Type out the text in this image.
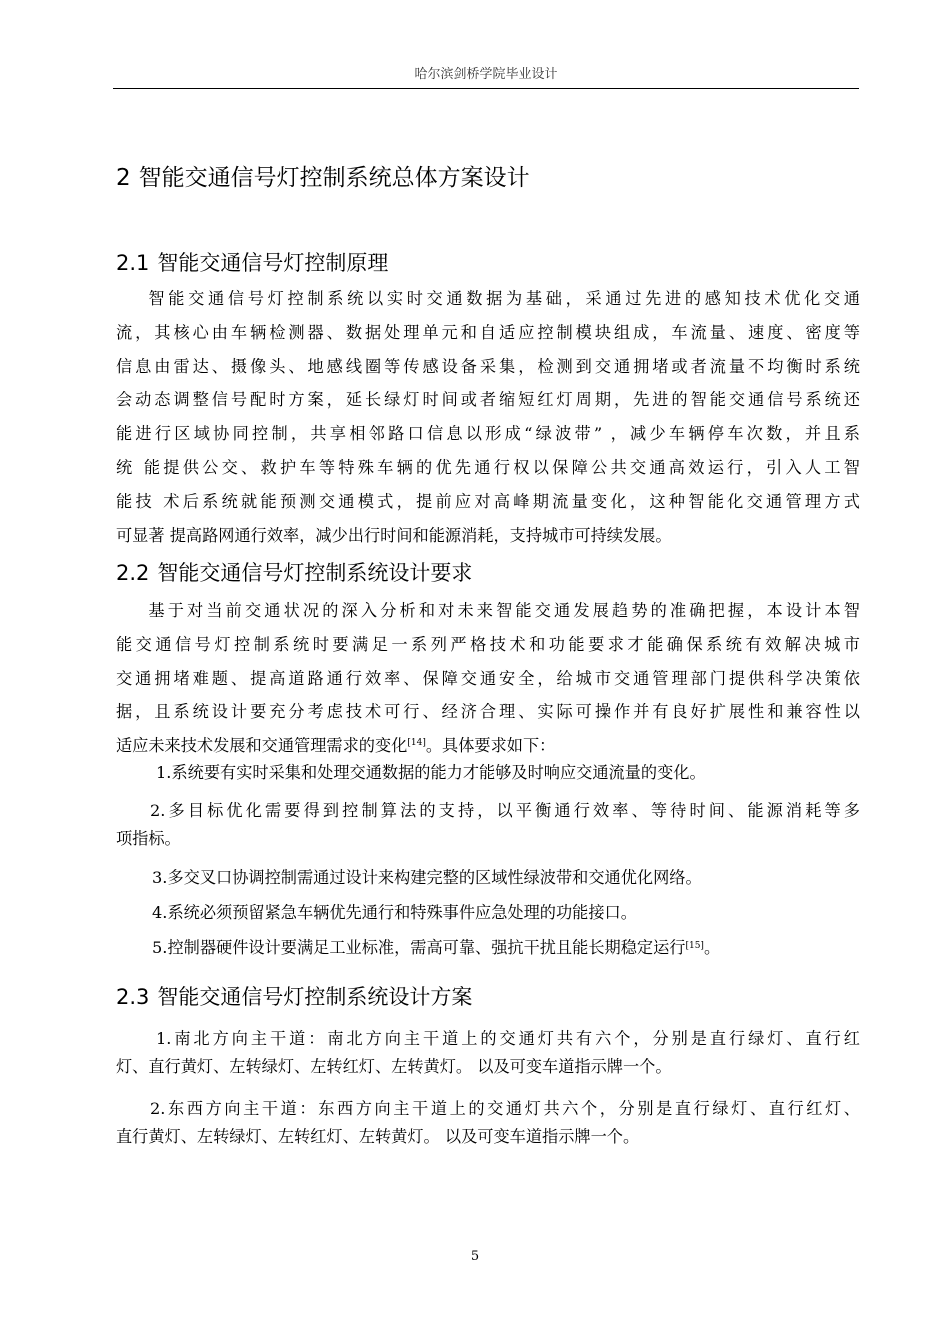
哈尔滨剑桥学院毕业设计
2 智能交通信号灯控制系统总体方案设计
2.1 智能交通信号灯控制原理
智能交通信号灯控制系统以实时交通数据为基础，采通过先进的感知技术优化交通
流，其核心由车辆检测器、数据处理单元和自适应控制模块组成，车流量、速度、密度等
信息由雷达、摄像头、地感线圈等传感设备采集，检测到交通拥堵或者流量不均衡时系统
会动态调整信号配时方案，延长绿灯时间或者缩短红灯周期，先进的智能交通信号系统还
能进行区域协同控制，共享相邻路口信息以形成“绿波带” ，减少车辆停车次数，并且系
统 能提供公交、救护车等特殊车辆的优先通行权以保障公共交通高效运行，引入人工智
能技 术后系统就能预测交通模式，提前应对高峰期流量变化，这种智能化交通管理方式
可显著 提高路网通行效率，减少出行时间和能源消耗，支持城市可持续发展。
2.2 智能交通信号灯控制系统设计要求
基于对当前交通状况的深入分析和对未来智能交通发展趋势的准确把握，本设计本智
能交通信号灯控制系统时要满足一系列严格技术和功能要求才能确保系统有效解决城市
交通拥堵难题、提高道路通行效率、保障交通安全，给城市交通管理部门提供科学决策依
据，且系统设计要充分考虑技术可行、经济合理、实际可操作并有良好扩展性和兼容性以
适应未来技术发展和交通管理需求的变化[14]。具体要求如下：
1.系统要有实时采集和处理交通数据的能力才能够及时响应交通流量的变化。
2.多目标优化需要得到控制算法的支持，以平衡通行效率、等待时间、能源消耗等多
项指标。
3.多交叉口协调控制需通过设计来构建完整的区域性绿波带和交通优化网络。
4.系统必须预留紧急车辆优先通行和特殊事件应急处理的功能接口。
5.控制器硬件设计要满足工业标准，需高可靠、强抗干扰且能长期稳定运行[15]。
2.3 智能交通信号灯控制系统设计方案
1.南北方向主干道：南北方向主干道上的交通灯共有六个，分别是直行绿灯、直行红
灯、直行黄灯、左转绿灯、左转红灯、左转黄灯。 以及可变车道指示牌一个。
2.东西方向主干道：东西方向主干道上的交通灯共六个，分别是直行绿灯、直行红灯、
直行黄灯、左转绿灯、左转红灯、左转黄灯。 以及可变车道指示牌一个。
5
